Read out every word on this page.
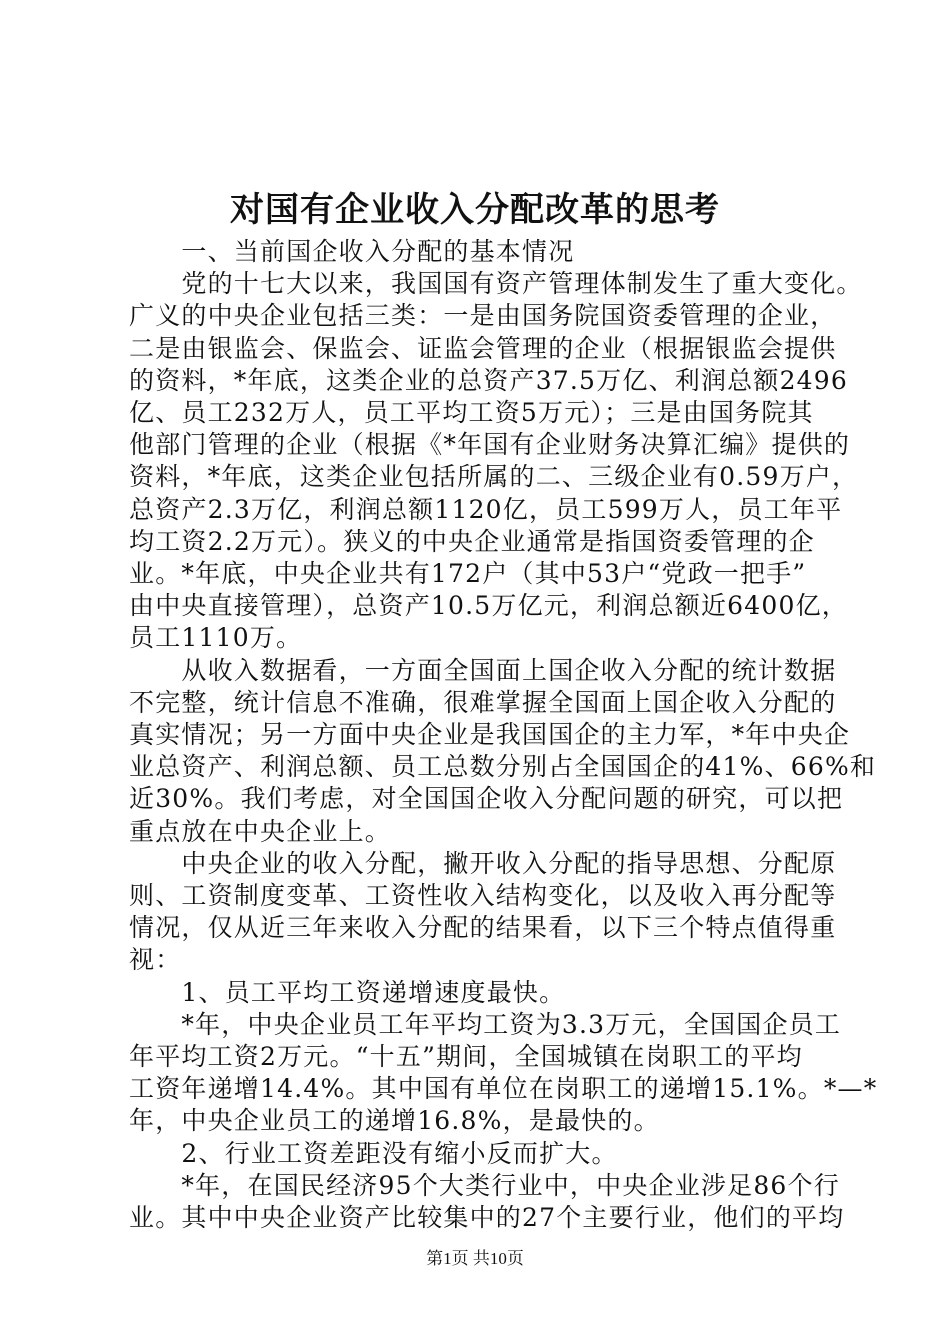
对国有企业收入分配改革的思考
　　一、当前国企收入分配的基本情况
　　党的十七大以来，我国国有资产管理体制发生了重大变化。
广义的中央企业包括三类：一是由国务院国资委管理的企业，
二是由银监会、保监会、证监会管理的企业（根据银监会提供
的资料，*年底，这类企业的总资产37.5万亿、利润总额2496
亿、员工232万人，员工平均工资5万元）；三是由国务院其
他部门管理的企业（根据《*年国有企业财务决算汇编》提供的
资料，*年底，这类企业包括所属的二、三级企业有0.59万户，
总资产2.3万亿，利润总额1120亿，员工599万人，员工年平
均工资2.2万元）。狭义的中央企业通常是指国资委管理的企
业。*年底，中央企业共有172户（其中53户“党政一把手”
由中央直接管理），总资产10.5万亿元，利润总额近6400亿，
员工1110万。
　　从收入数据看，一方面全国面上国企收入分配的统计数据
不完整，统计信息不准确，很难掌握全国面上国企收入分配的
真实情况；另一方面中央企业是我国国企的主力军，*年中央企
业总资产、利润总额、员工总数分别占全国国企的41%、66%和
近30%。我们考虑，对全国国企收入分配问题的研究，可以把
重点放在中央企业上。
　　中央企业的收入分配，撇开收入分配的指导思想、分配原
则、工资制度变革、工资性收入结构变化，以及收入再分配等
情况，仅从近三年来收入分配的结果看，以下三个特点值得重
视：
　　1、员工平均工资递增速度最快。
　　*年，中央企业员工年平均工资为3.3万元，全国国企员工
年平均工资2万元。“十五”期间，全国城镇在岗职工的平均
工资年递增14.4%。其中国有单位在岗职工的递增15.1%。*—*
年，中央企业员工的递增16.8%，是最快的。
　　2、行业工资差距没有缩小反而扩大。
　　*年，在国民经济95个大类行业中，中央企业涉足86个行
业。其中中央企业资产比较集中的27个主要行业，他们的平均
第1页 共10页
